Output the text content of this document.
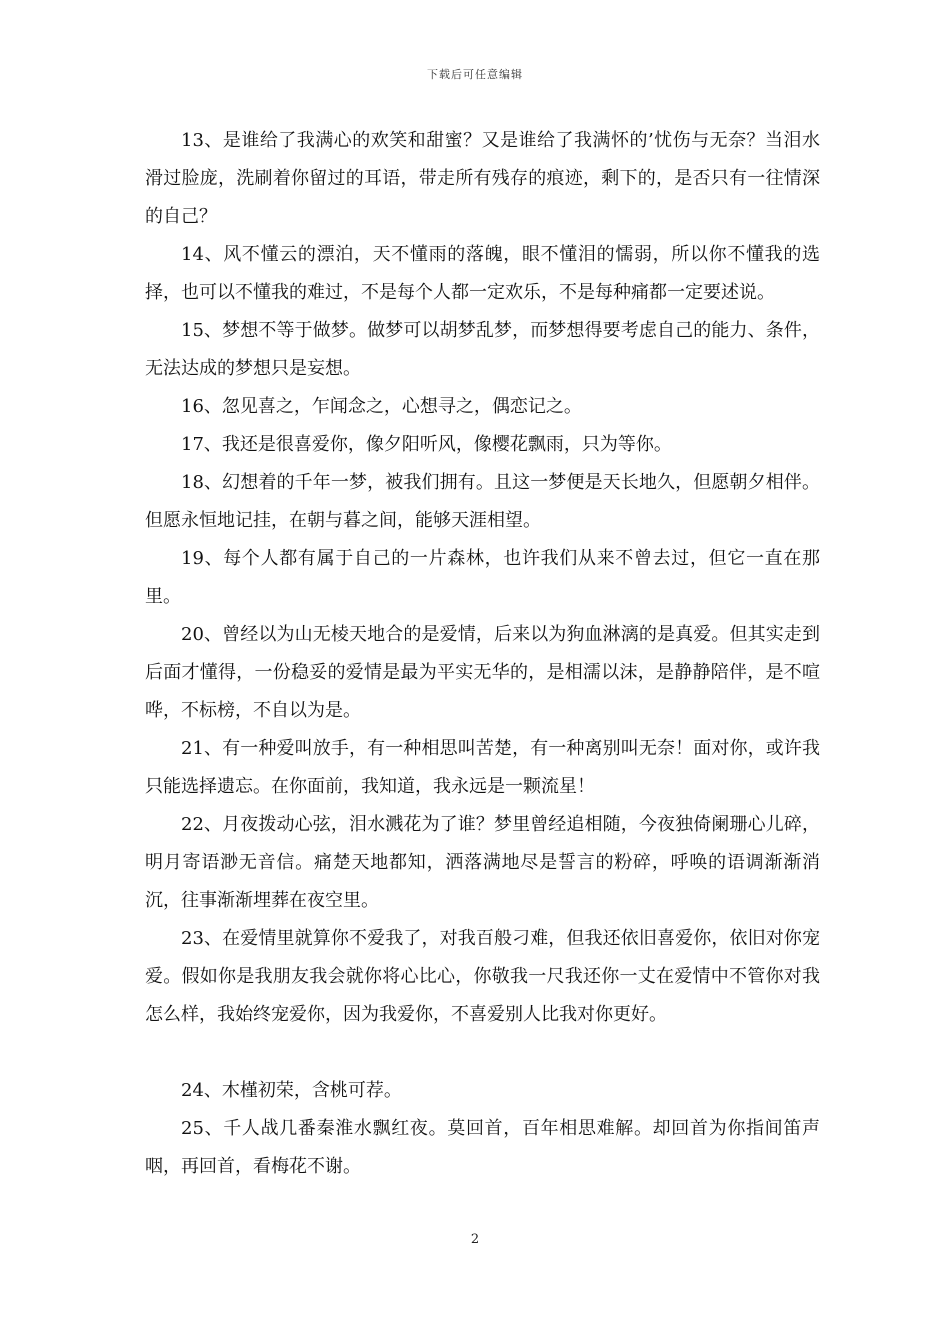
下载后可任意编辑

13、是谁给了我满心的欢笑和甜蜜？又是谁给了我满怀的’忧伤与无奈？当泪水滑过脸庞，洗刷着你留过的耳语，带走所有残存的痕迹，剩下的，是否只有一往情深的自己？

14、风不懂云的漂泊，天不懂雨的落魄，眼不懂泪的懦弱，所以你不懂我的选择，也可以不懂我的难过，不是每个人都一定欢乐，不是每种痛都一定要述说。

15、梦想不等于做梦。做梦可以胡梦乱梦，而梦想得要考虑自己的能力、条件，无法达成的梦想只是妄想。

16、忽见喜之，乍闻念之，心想寻之，偶恋记之。

17、我还是很喜爱你，像夕阳听风，像樱花飘雨，只为等你。

18、幻想着的千年一梦，被我们拥有。且这一梦便是天长地久，但愿朝夕相伴。但愿永恒地记挂，在朝与暮之间，能够天涯相望。

19、每个人都有属于自己的一片森林，也许我们从来不曾去过，但它一直在那里。

20、曾经以为山无棱天地合的是爱情，后来以为狗血淋漓的是真爱。但其实走到后面才懂得，一份稳妥的爱情是最为平实无华的，是相濡以沫，是静静陪伴，是不喧哗，不标榜，不自以为是。

21、有一种爱叫放手，有一种相思叫苦楚，有一种离别叫无奈！面对你，或许我只能选择遗忘。在你面前，我知道，我永远是一颗流星！

22、月夜拨动心弦，泪水溅花为了谁？梦里曾经追相随，今夜独倚阑珊心儿碎，明月寄语渺无音信。痛楚天地都知，洒落满地尽是誓言的粉碎，呼唤的语调渐渐消沉，往事渐渐埋葬在夜空里。

23、在爱情里就算你不爱我了，对我百般刁难，但我还依旧喜爱你，依旧对你宠爱。假如你是我朋友我会就你将心比心，你敬我一尺我还你一丈在爱情中不管你对我怎么样，我始终宠爱你，因为我爱你，不喜爱别人比我对你更好。

24、木槿初荣，含桃可荐。

25、千人战几番秦淮水飘红夜。莫回首，百年相思难解。却回首为你指间笛声咽，再回首，看梅花不谢。

2
